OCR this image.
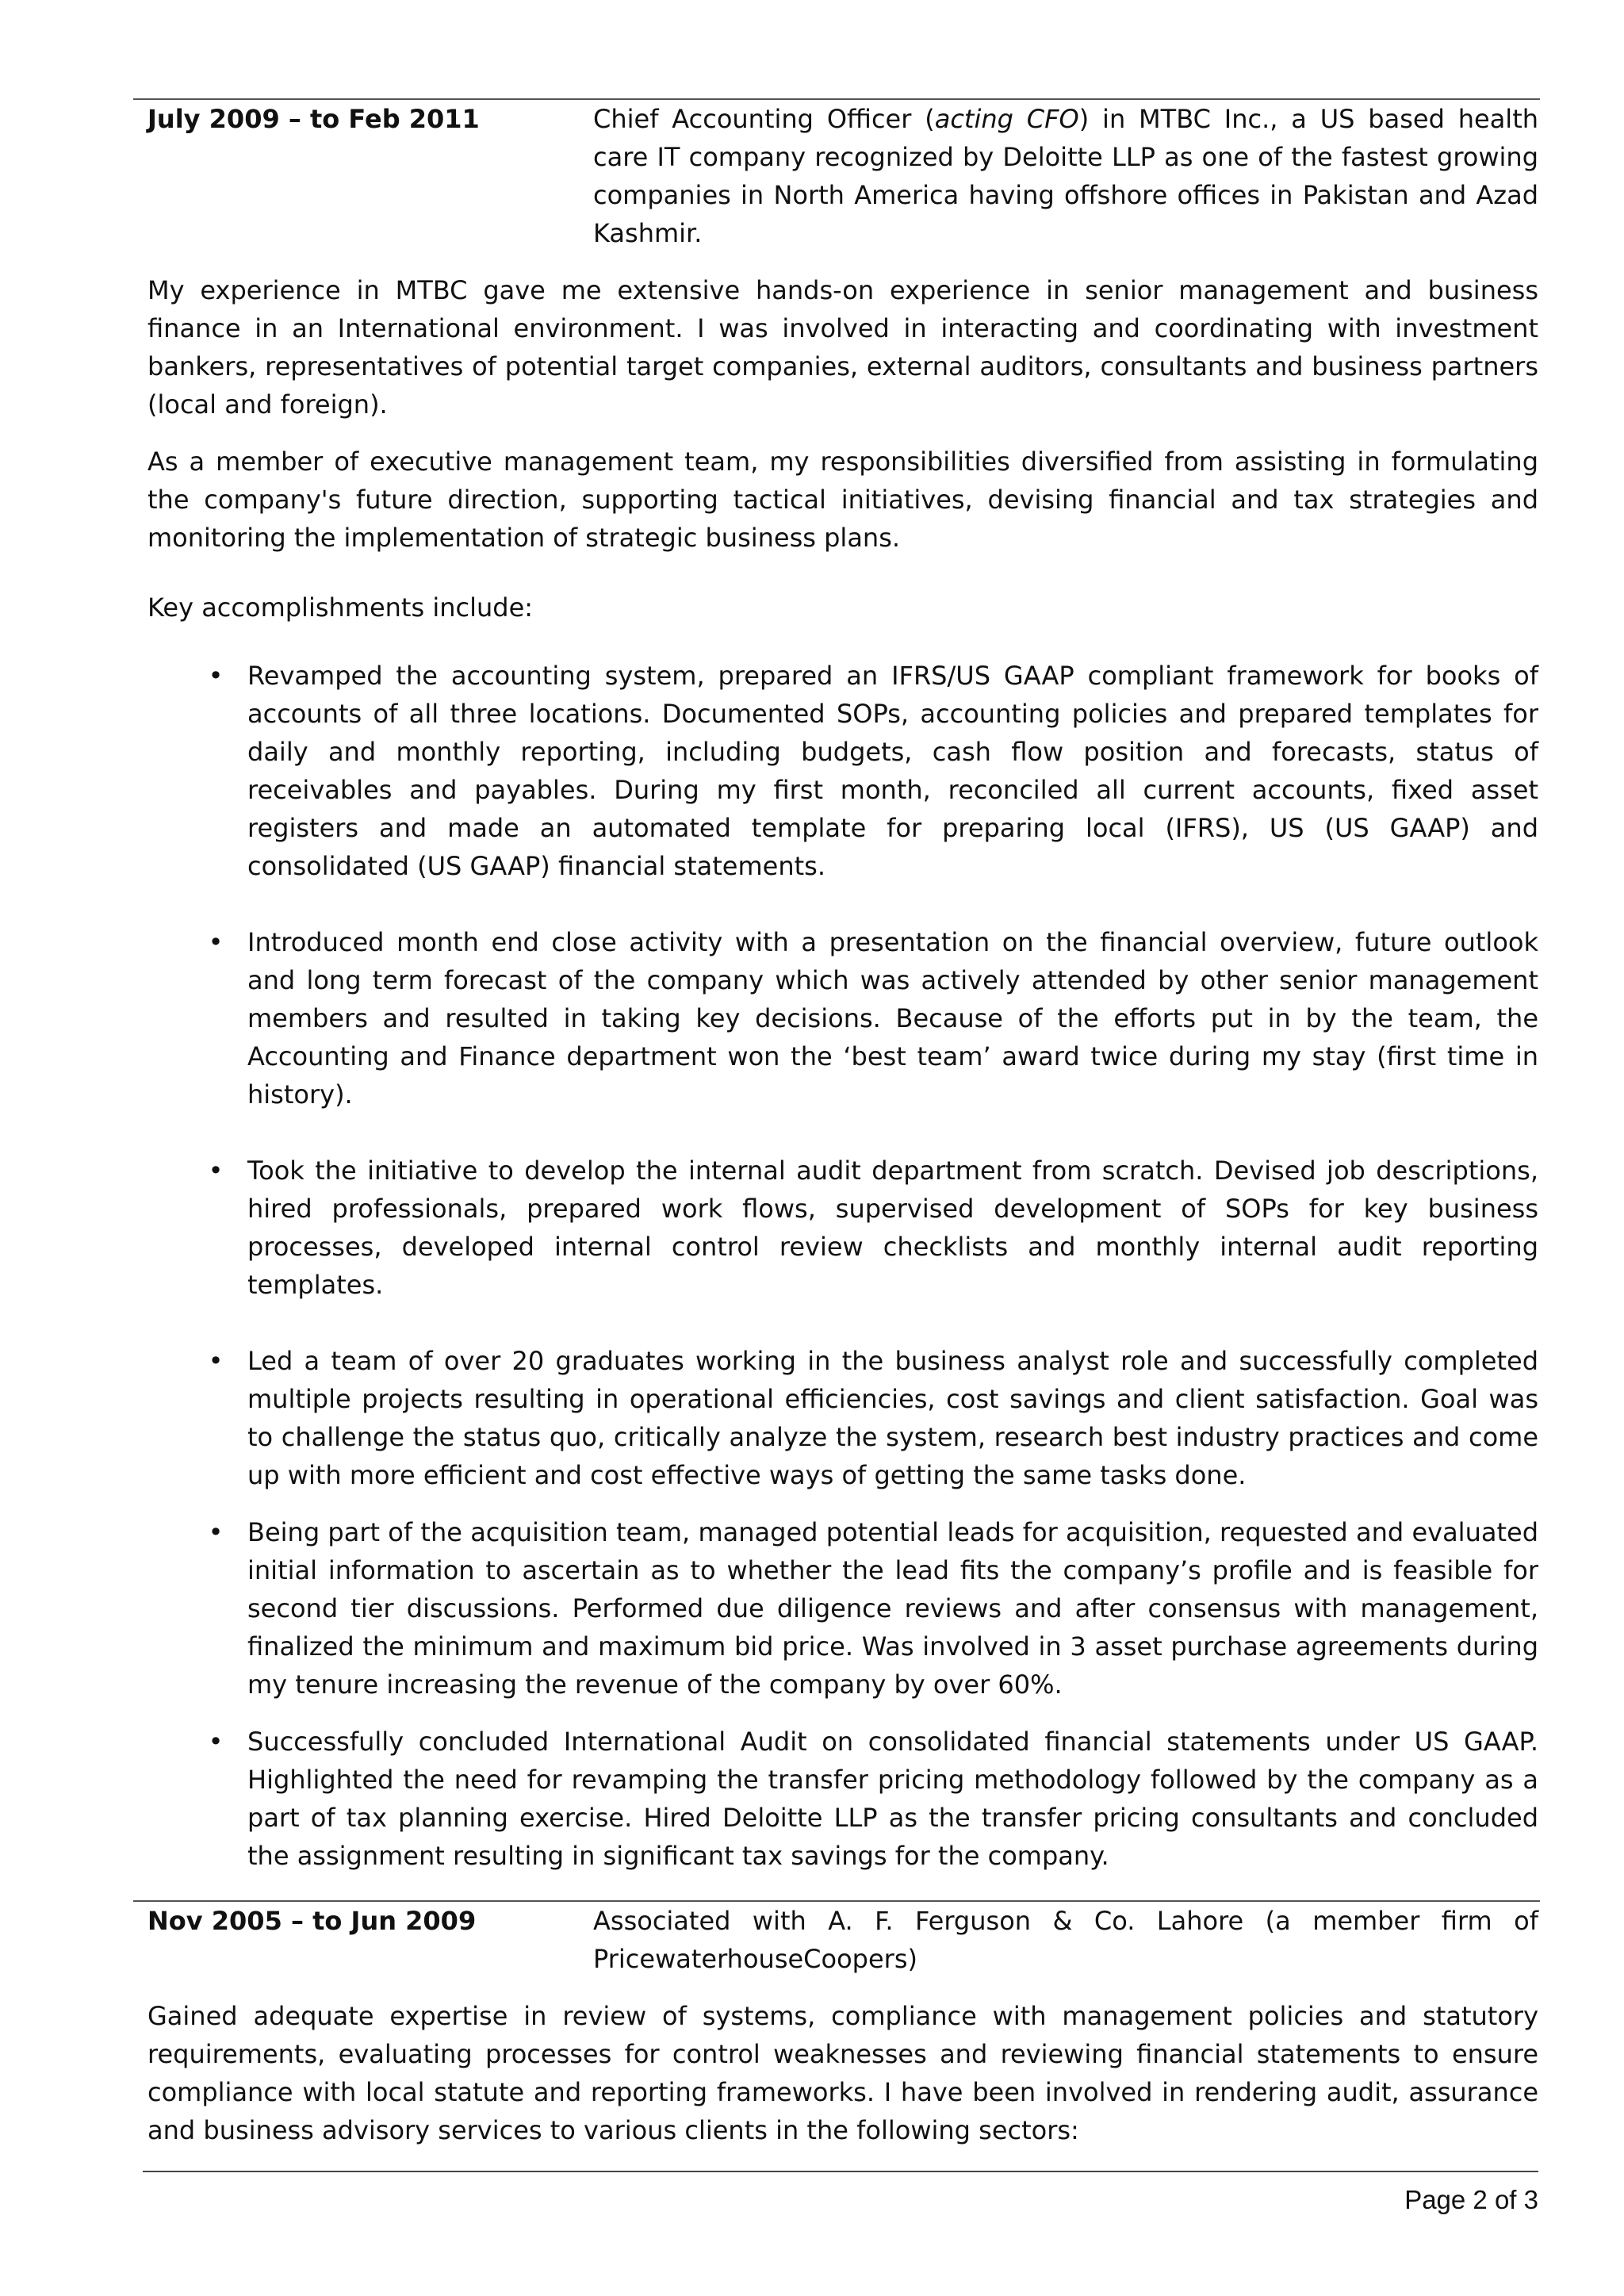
July 2009 – to Feb 2011	Chief Accounting Officer (acting CFO) in MTBC Inc., a US based health care IT company recognized by Deloitte LLP as one of the fastest growing companies in North America having offshore offices in Pakistan and Azad Kashmir.

My experience in MTBC gave me extensive hands-on experience in senior management and business finance in an International environment. I was involved in interacting and coordinating with investment bankers, representatives of potential target companies, external auditors, consultants and business partners (local and foreign).

As a member of executive management team, my responsibilities diversified from assisting in formulating the company's future direction, supporting tactical initiatives, devising financial and tax strategies and monitoring the implementation of strategic business plans.

Key accomplishments include:

• Revamped the accounting system, prepared an IFRS/US GAAP compliant framework for books of accounts of all three locations. Documented SOPs, accounting policies and prepared templates for daily and monthly reporting, including budgets, cash flow position and forecasts, status of receivables and payables. During my first month, reconciled all current accounts, fixed asset registers and made an automated template for preparing local (IFRS), US (US GAAP) and consolidated (US GAAP) financial statements.
• Introduced month end close activity with a presentation on the financial overview, future outlook and long term forecast of the company which was actively attended by other senior management members and resulted in taking key decisions. Because of the efforts put in by the team, the Accounting and Finance department won the ‘best team’ award twice during my stay (first time in history).
• Took the initiative to develop the internal audit department from scratch. Devised job descriptions, hired professionals, prepared work flows, supervised development of SOPs for key business processes, developed internal control review checklists and monthly internal audit reporting templates.
• Led a team of over 20 graduates working in the business analyst role and successfully completed multiple projects resulting in operational efficiencies, cost savings and client satisfaction. Goal was to challenge the status quo, critically analyze the system, research best industry practices and come up with more efficient and cost effective ways of getting the same tasks done.
• Being part of the acquisition team, managed potential leads for acquisition, requested and evaluated initial information to ascertain as to whether the lead fits the company’s profile and is feasible for second tier discussions. Performed due diligence reviews and after consensus with management, finalized the minimum and maximum bid price. Was involved in 3 asset purchase agreements during my tenure increasing the revenue of the company by over 60%.
• Successfully concluded International Audit on consolidated financial statements under US GAAP. Highlighted the need for revamping the transfer pricing methodology followed by the company as a part of tax planning exercise. Hired Deloitte LLP as the transfer pricing consultants and concluded the assignment resulting in significant tax savings for the company.
Nov 2005 – to Jun 2009	Associated with A. F. Ferguson & Co. Lahore (a member firm of PricewaterhouseCoopers)

Gained adequate expertise in review of systems, compliance with management policies and statutory requirements, evaluating processes for control weaknesses and reviewing financial statements to ensure compliance with local statute and reporting frameworks. I have been involved in rendering audit, assurance and business advisory services to various clients in the following sectors:

Page 2 of 3
